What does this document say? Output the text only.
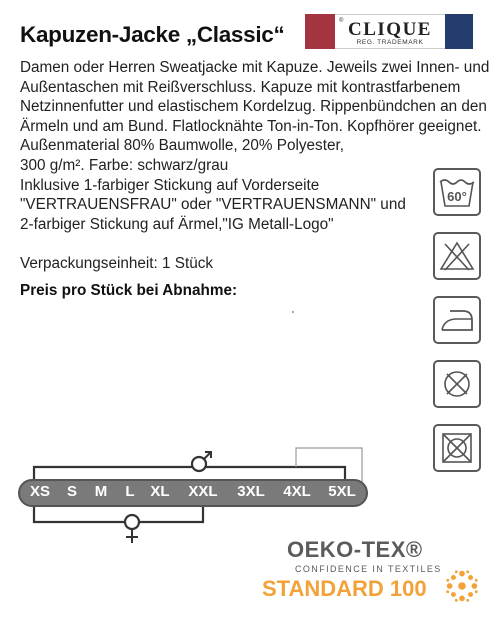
Kapuzen-Jacke „Classic“
® CLIQUE
REG. TRADEMARK
Damen oder Herren Sweatjacke mit Kapuze. Jeweils zwei Innen- und
Außentaschen mit Reißverschluss. Kapuze mit kontrastfarbenem
Netzinnenfutter und elastischem Kordelzug. Rippenbündchen an den
Ärmeln und am Bund. Flatlocknähte Ton-in-Ton. Kopfhörer geeignet.
Außenmaterial 80% Baumwolle, 20% Polyester,
300 g/m². Farbe: schwarz/grau
Inklusive 1-farbiger Stickung auf Vorderseite
"VERTRAUENSFRAU" oder "VERTRAUENSMANN" und
2-farbiger Stickung auf Ärmel,"IG Metall-Logo"
Verpackungseinheit: 1 Stück
Preis pro Stück bei Abnahme:
60°
XS S M L XL XXL 3XL 4XL 5XL
OEKO-TEX®
CONFIDENCE IN TEXTILES
STANDARD 100
